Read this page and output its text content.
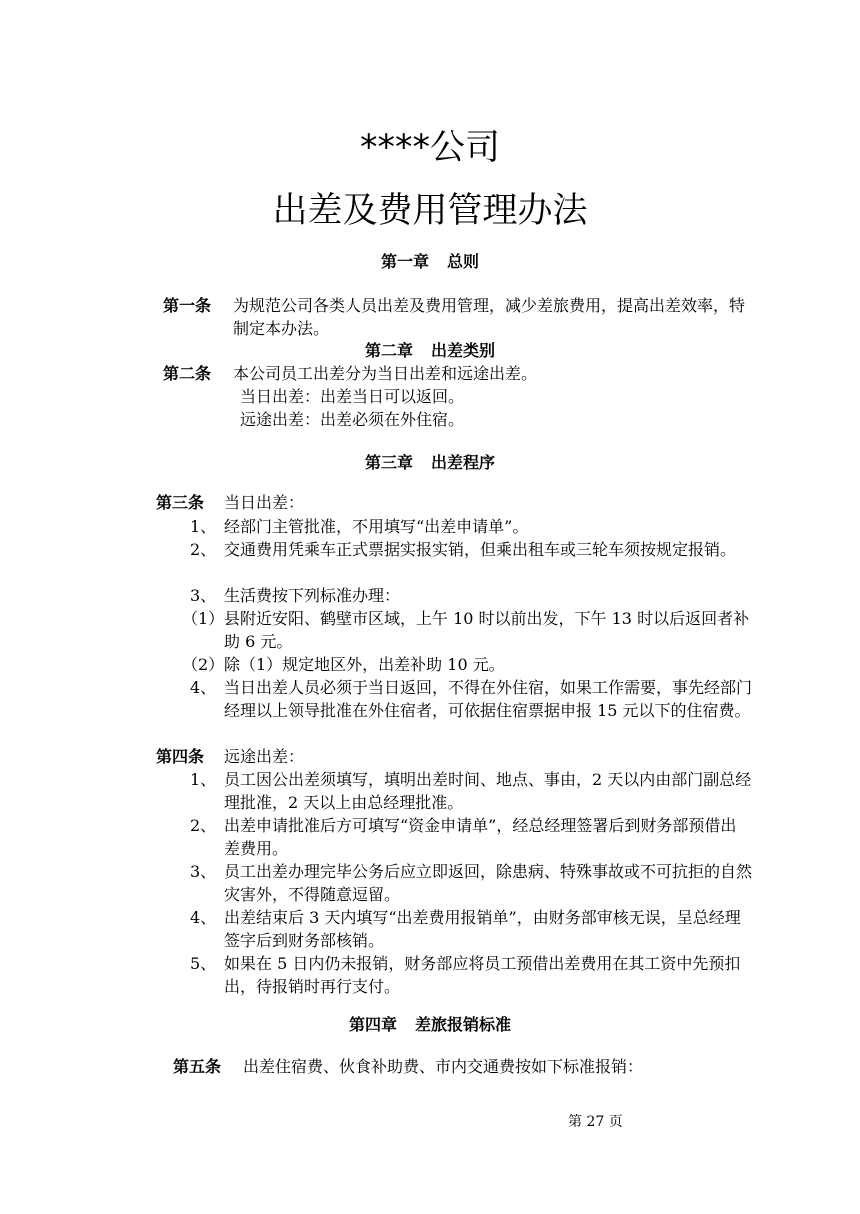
****公司
出差及费用管理办法
第一章 总则
第一条 为规范公司各类人员出差及费用管理，减少差旅费用，提高出差效率，特制定本办法。
第二章 出差类别
第二条 本公司员工出差分为当日出差和远途出差。
当日出差：出差当日可以返回。
远途出差：出差必须在外住宿。
第三章 出差程序
第三条 当日出差：
1、 经部门主管批准，不用填写“出差申请单”。
2、 交通费用凭乘车正式票据实报实销，但乘出租车或三轮车须按规定报销。
3、 生活费按下列标准办理：
（1） 县附近安阳、鹤壁市区域，上午 10 时以前出发，下午 13 时以后返回者补助 6 元。
（2） 除（1）规定地区外，出差补助 10 元。
4、 当日出差人员必须于当日返回，不得在外住宿，如果工作需要，事先经部门经理以上领导批准在外住宿者，可依据住宿票据申报 15 元以下的住宿费。
第四条 远途出差：
1、 员工因公出差须填写，填明出差时间、地点、事由，2 天以内由部门副总经理批准，2 天以上由总经理批准。
2、 出差申请批准后方可填写“资金申请单”，经总经理签署后到财务部预借出差费用。
3、 员工出差办理完毕公务后应立即返回，除患病、特殊事故或不可抗拒的自然灾害外，不得随意逗留。
4、 出差结束后 3 天内填写“出差费用报销单”，由财务部审核无误，呈总经理签字后到财务部核销。
5、 如果在 5 日内仍未报销，财务部应将员工预借出差费用在其工资中先预扣出，待报销时再行支付。
第四章 差旅报销标准
第五条 出差住宿费、伙食补助费、市内交通费按如下标准报销：
第 27 页
